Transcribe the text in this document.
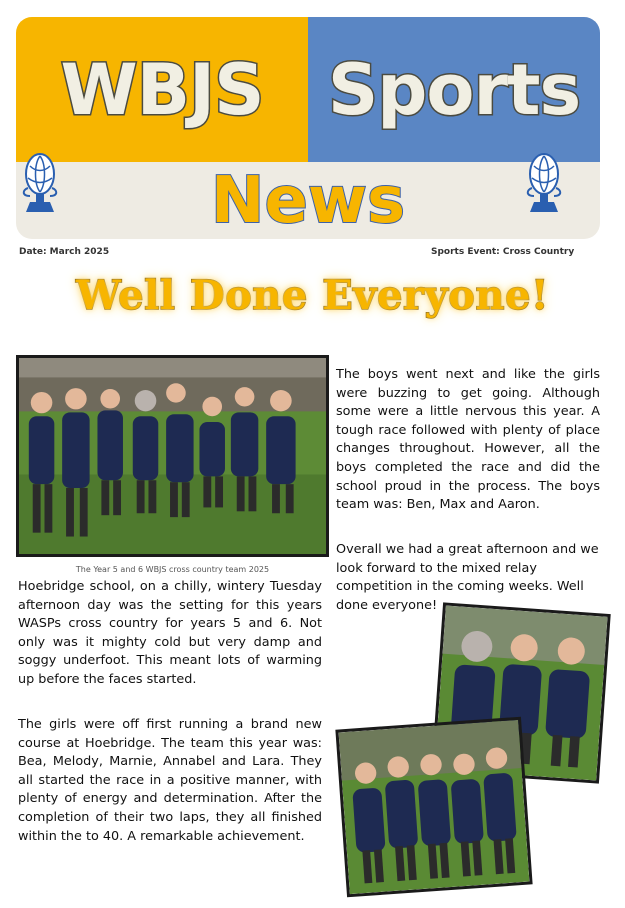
WBJS Sports
News
Date: March 2025	Sports Event: Cross Country
Well Done Everyone!
The Year 5 and 6 WBJS cross country team 2025
Hoebridge school, on a chilly, wintery Tuesday afternoon day was the setting for this years WASPs cross country for years 5 and 6. Not only was it mighty cold but very damp and soggy underfoot. This meant lots of warming up before the faces started.
The girls were off first running a brand new course at Hoebridge. The team this year was: Bea, Melody, Marnie, Annabel and Lara. They all started the race in a positive manner, with plenty of energy and determination. After the completion of their two laps, they all finished within the to 40. A remarkable achievement.
The boys went next and like the girls were buzzing to get going. Although some were a little nervous this year. A tough race followed with plenty of place changes throughout. However, all the boys completed the race and did the school proud in the process. The boys team was: Ben, Max and Aaron.
Overall we had a great afternoon and we look forward to the mixed relay competition in the coming weeks. Well done everyone!
